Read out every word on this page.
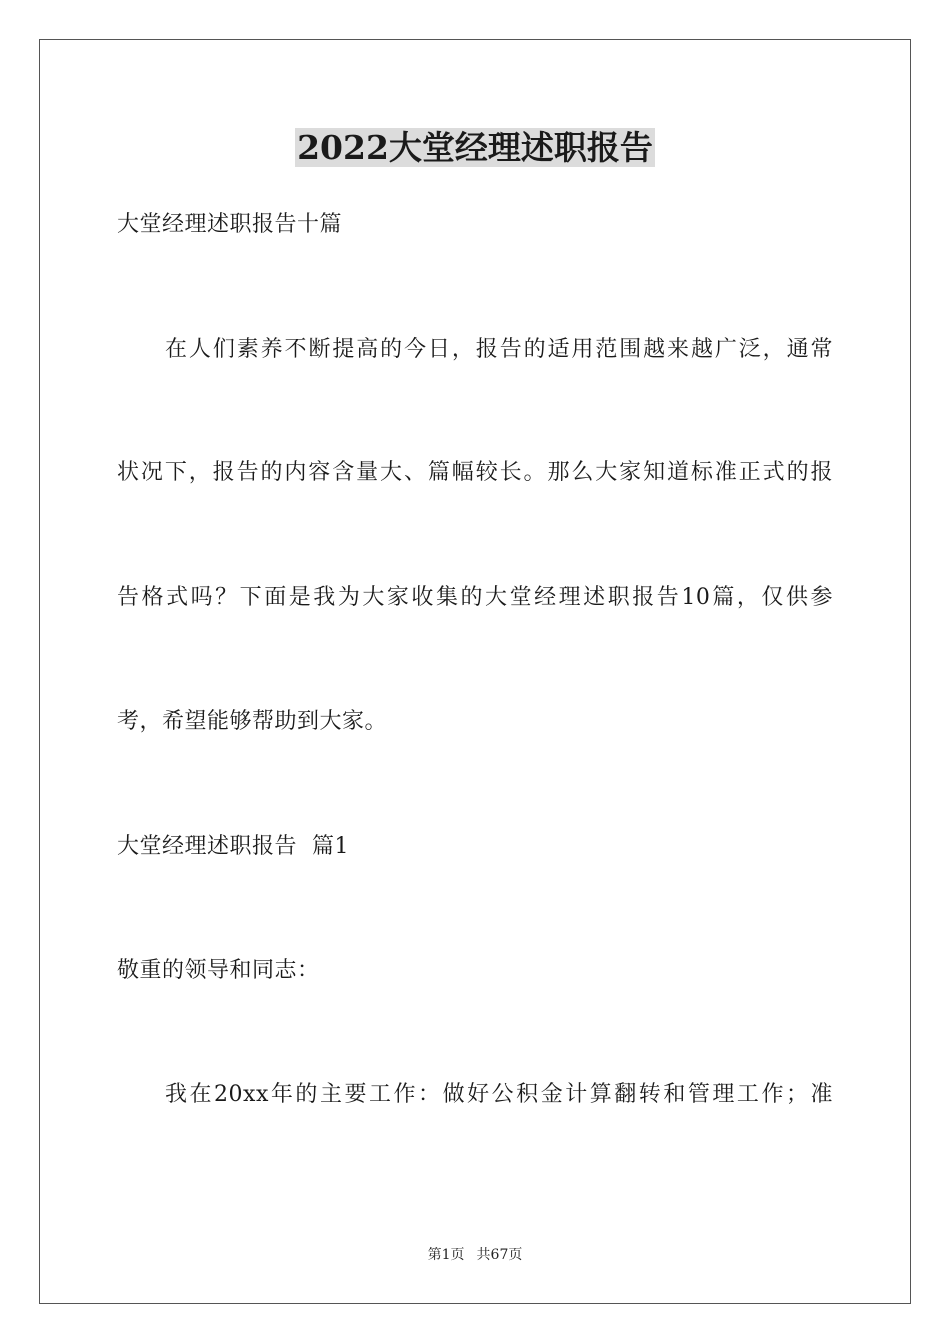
2022大堂经理述职报告
大堂经理述职报告十篇
在人们素养不断提高的今日，报告的适用范围越来越广泛，通常
状况下，报告的内容含量大、篇幅较长。那么大家知道标准正式的报
告格式吗？下面是我为大家收集的大堂经理述职报告10篇，仅供参
考，希望能够帮助到大家。
大堂经理述职报告  篇1
敬重的领导和同志：
我在20xx年的主要工作：做好公积金计算翻转和管理工作；准
第1页 共67页
